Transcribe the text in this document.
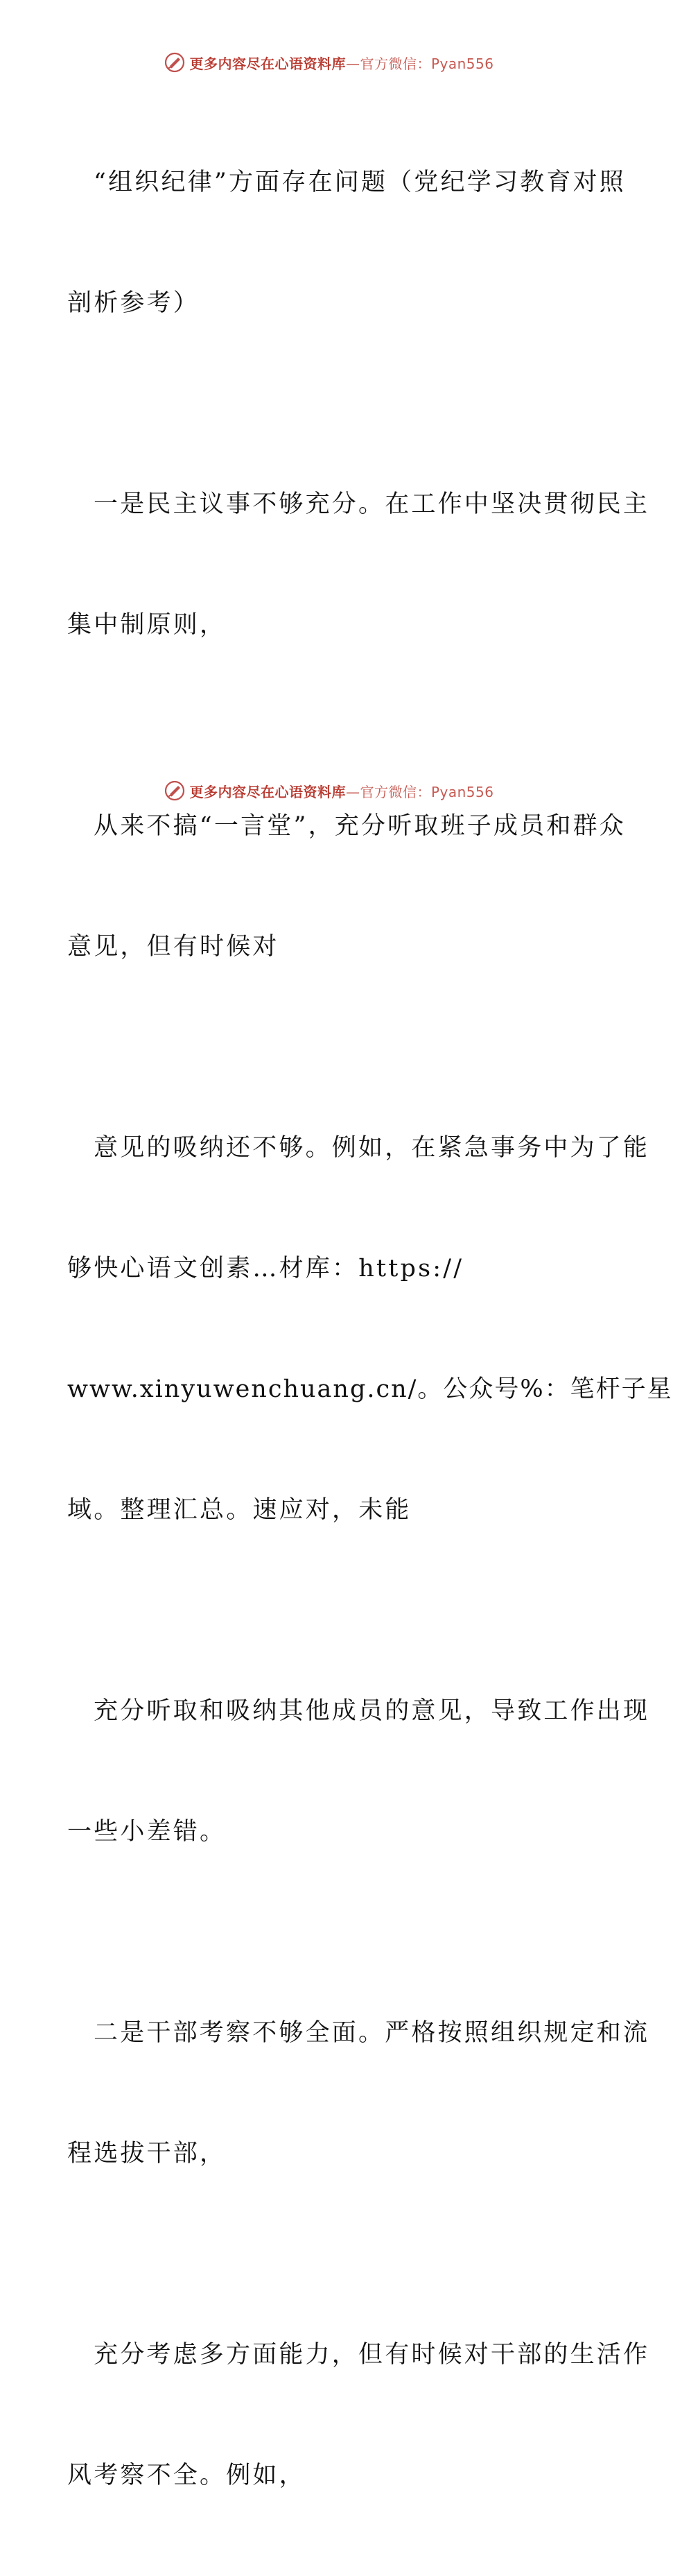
更多内容尽在心语资料库—官方微信：Pyan556

“组织纪律”方面存在问题（党纪学习教育对照

剖析参考）

一是民主议事不够充分。在工作中坚决贯彻民主

集中制原则，

从来不搞“一言堂”，充分听取班子成员和群众

意见，但有时候对

意见的吸纳还不够。例如，在紧急事务中为了能

够快心语文创素…材库：https://

www.xinyuwenchuang.cn/。公众号%：笔杆子星

域。整理汇总。速应对，未能

充分听取和吸纳其他成员的意见，导致工作出现

一些小差错。

二是干部考察不够全面。严格按照组织规定和流

程选拔干部，

充分考虑多方面能力，但有时候对干部的生活作

风考察不全。例如，

更多内容尽在心语资料库—官方微信：Pyan556
